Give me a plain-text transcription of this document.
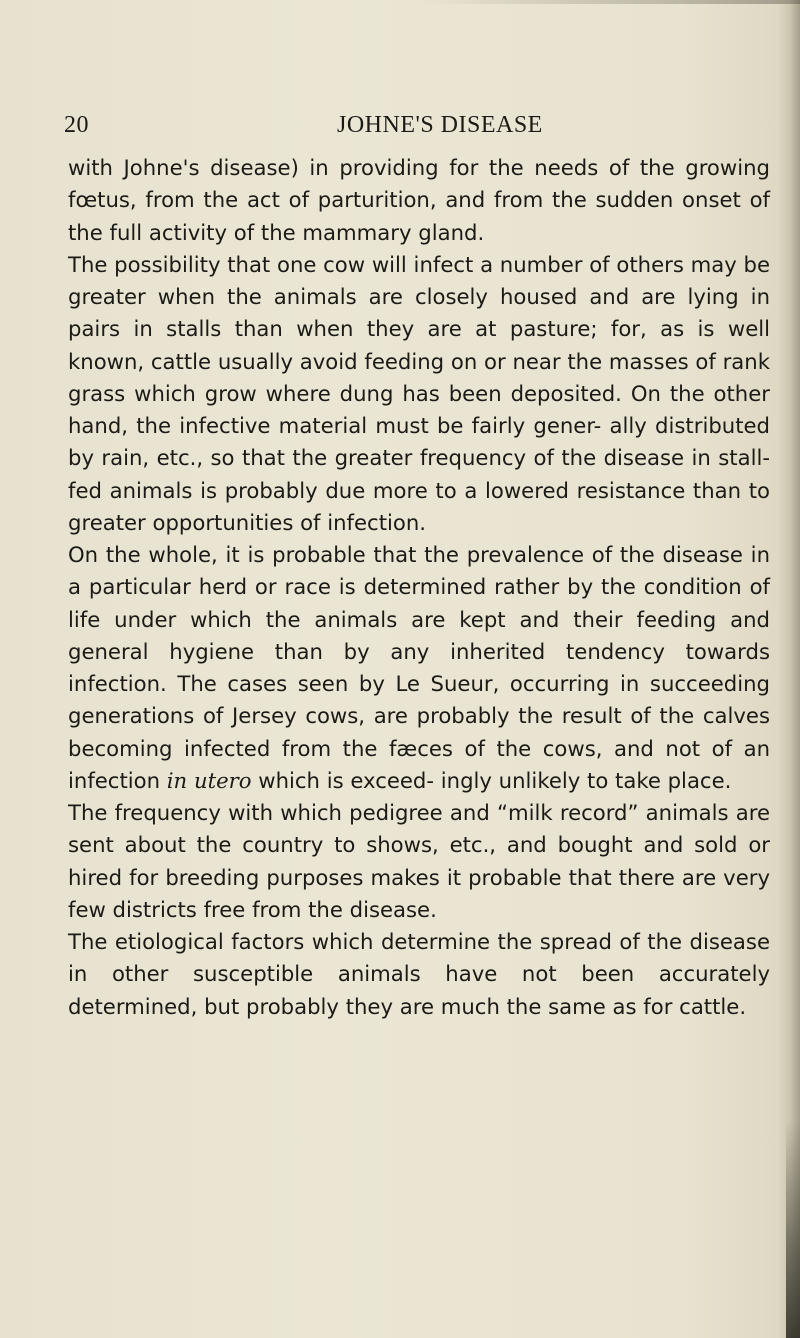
20	JOHNE'S DISEASE

with Johne's disease) in providing for the needs of the growing fœtus, from the act of parturition, and from the sudden onset of the full activity of the mammary gland.

The possibility that one cow will infect a number of others may be greater when the animals are closely housed and are lying in pairs in stalls than when they are at pasture; for, as is well known, cattle usually avoid feeding on or near the masses of rank grass which grow where dung has been deposited. On the other hand, the infective material must be fairly gener- ally distributed by rain, etc., so that the greater frequency of the disease in stall-fed animals is probably due more to a lowered resistance than to greater opportunities of infection.

On the whole, it is probable that the prevalence of the disease in a particular herd or race is determined rather by the condition of life under which the animals are kept and their feeding and general hygiene than by any inherited tendency towards infection. The cases seen by Le Sueur, occurring in succeeding generations of Jersey cows, are probably the result of the calves becoming infected from the fæces of the cows, and not of an infection in utero which is exceed- ingly unlikely to take place.

The frequency with which pedigree and “milk record” animals are sent about the country to shows, etc., and bought and sold or hired for breeding purposes makes it probable that there are very few districts free from the disease.

The etiological factors which determine the spread of the disease in other susceptible animals have not been accurately determined, but probably they are much the same as for cattle.
